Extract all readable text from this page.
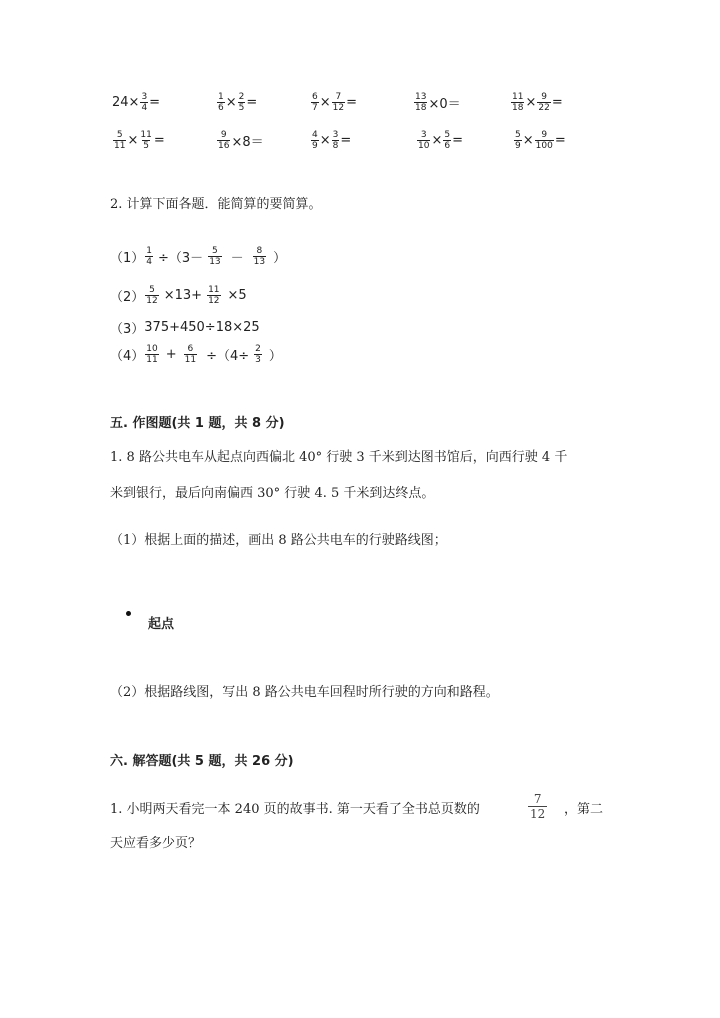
$24\times \frac{3}{4}$ =	$\frac{1}{6} \times \frac{2}{5}$ =	$\frac{6}{7} \times \frac{7}{12}$ =	$\frac{13}{18} \times 0=$	$\frac{11}{18} \times \frac{9}{22}$ =
$\frac{5}{11} \times \frac{11}{5}$ =	$\frac{9}{16} \times 8=$	$\frac{4}{9} \times \frac{3}{8}$ =	$\frac{3}{10} \times \frac{5}{6}$ =	$\frac{5}{9} \times \frac{9}{100}$ =
2. 计算下面各题．能简算的要简算。
$(1) \frac{1}{4} \div(3- \frac{5}{13} - \frac{8}{13}$ ）
$(2) \frac{5}{12} \times 13+ \frac{11}{12} \times 5$
（3） 375+450÷18×25
$(4) \frac{10}{11} + \frac{6}{11} \div(4\div \frac{2}{3}$ ）
五. 作图题(共 1 题，共 8 分)
1. 8 路公共电车从起点向西偏北 40° 行驶 3 千米到达图书馆后，向西行驶 4 千
米到银行，最后向南偏西 30° 行驶 4. 5 千米到达终点。
（1）根据上面的描述，画出 8 路公共电车的行驶路线图；
起点
（2）根据路线图，写出 8 路公共电车回程时所行驶的方向和路程。
六. 解答题(共 5 题，共 26 分)
1. 小明两天看完一本 240 页的故事书. 第一天看了全书总页数的	$\frac{7}{12}$ ，第二
天应看多少页？
